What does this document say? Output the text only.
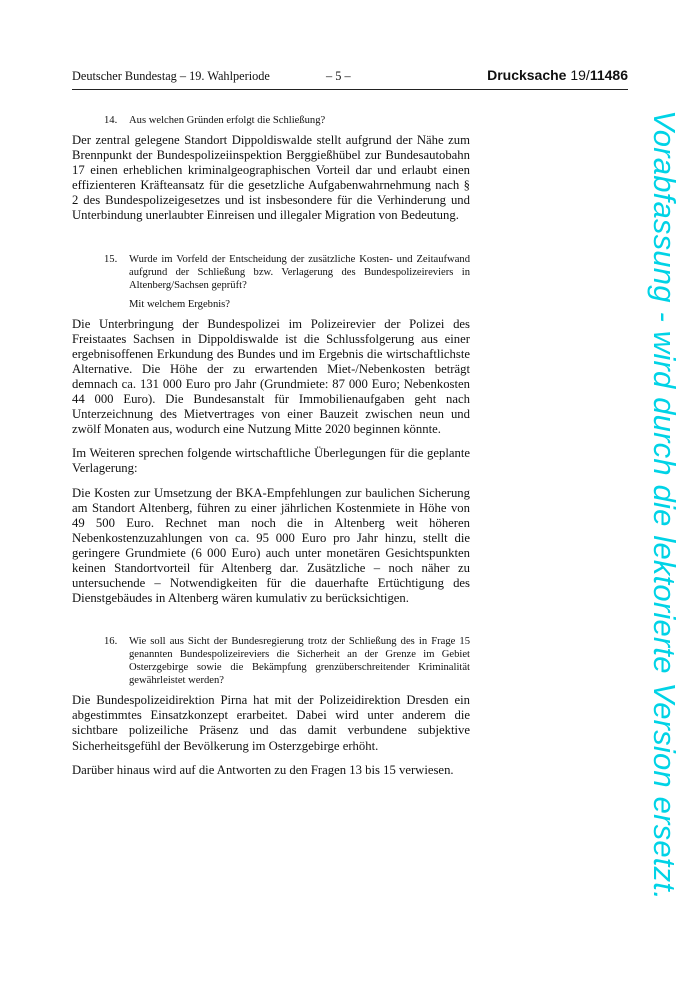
Deutscher Bundestag – 19. Wahlperiode	– 5 –	Drucksache 19/11486
14. Aus welchen Gründen erfolgt die Schließung?

Der zentral gelegene Standort Dippoldiswalde stellt aufgrund der Nähe zum Brennpunkt der Bundespolizeiinspektion Berggießhübel zur Bundesautobahn 17 einen erheblichen kriminalgeographischen Vorteil dar und erlaubt einen effizienteren Kräfteansatz für die gesetzliche Aufgabenwahrnehmung nach § 2 des Bundespolizeigesetzes und ist insbesondere für die Verhinderung und Unterbindung unerlaubter Einreisen und illegaler Migration von Bedeutung.

15. Wurde im Vorfeld der Entscheidung der zusätzliche Kosten- und Zeitaufwand aufgrund der Schließung bzw. Verlagerung des Bundespolizeireviers in Altenberg/Sachsen geprüft?
Mit welchem Ergebnis?

Die Unterbringung der Bundespolizei im Polizeirevier der Polizei des Freistaates Sachsen in Dippoldiswalde ist die Schlussfolgerung aus einer ergebnisoffenen Erkundung des Bundes und im Ergebnis die wirtschaftlichste Alternative. Die Höhe der zu erwartenden Miet-/Nebenkosten beträgt demnach ca. 131 000 Euro pro Jahr (Grundmiete: 87 000 Euro; Nebenkosten 44 000 Euro). Die Bundesanstalt für Immobilienaufgaben geht nach Unterzeichnung des Mietvertrages von einer Bauzeit zwischen neun und zwölf Monaten aus, wodurch eine Nutzung Mitte 2020 beginnen könnte.

Im Weiteren sprechen folgende wirtschaftliche Überlegungen für die geplante Verlagerung:

Die Kosten zur Umsetzung der BKA-Empfehlungen zur baulichen Sicherung am Standort Altenberg, führen zu einer jährlichen Kostenmiete in Höhe von 49 500 Euro. Rechnet man noch die in Altenberg weit höheren Nebenkostenzuzahlungen von ca. 95 000 Euro pro Jahr hinzu, stellt die geringere Grundmiete (6 000 Euro) auch unter monetären Gesichtspunkten keinen Standortvorteil für Altenberg dar. Zusätzliche – noch näher zu untersuchende – Notwendigkeiten für die dauerhafte Ertüchtigung des Dienstgebäudes in Altenberg wären kumulativ zu berücksichtigen.

16. Wie soll aus Sicht der Bundesregierung trotz der Schließung des in Frage 15 genannten Bundespolizeireviers die Sicherheit an der Grenze im Gebiet Osterzgebirge sowie die Bekämpfung grenzüberschreitender Kriminalität gewährleistet werden?

Die Bundespolizeidirektion Pirna hat mit der Polizeidirektion Dresden ein abgestimmtes Einsatzkonzept erarbeitet. Dabei wird unter anderem die sichtbare polizeiliche Präsenz und das damit verbundene subjektive Sicherheitsgefühl der Bevölkerung im Osterzgebirge erhöht.

Darüber hinaus wird auf die Antworten zu den Fragen 13 bis 15 verwiesen.	Vorabfassung - wird durch die lektorierte Version ersetzt.
